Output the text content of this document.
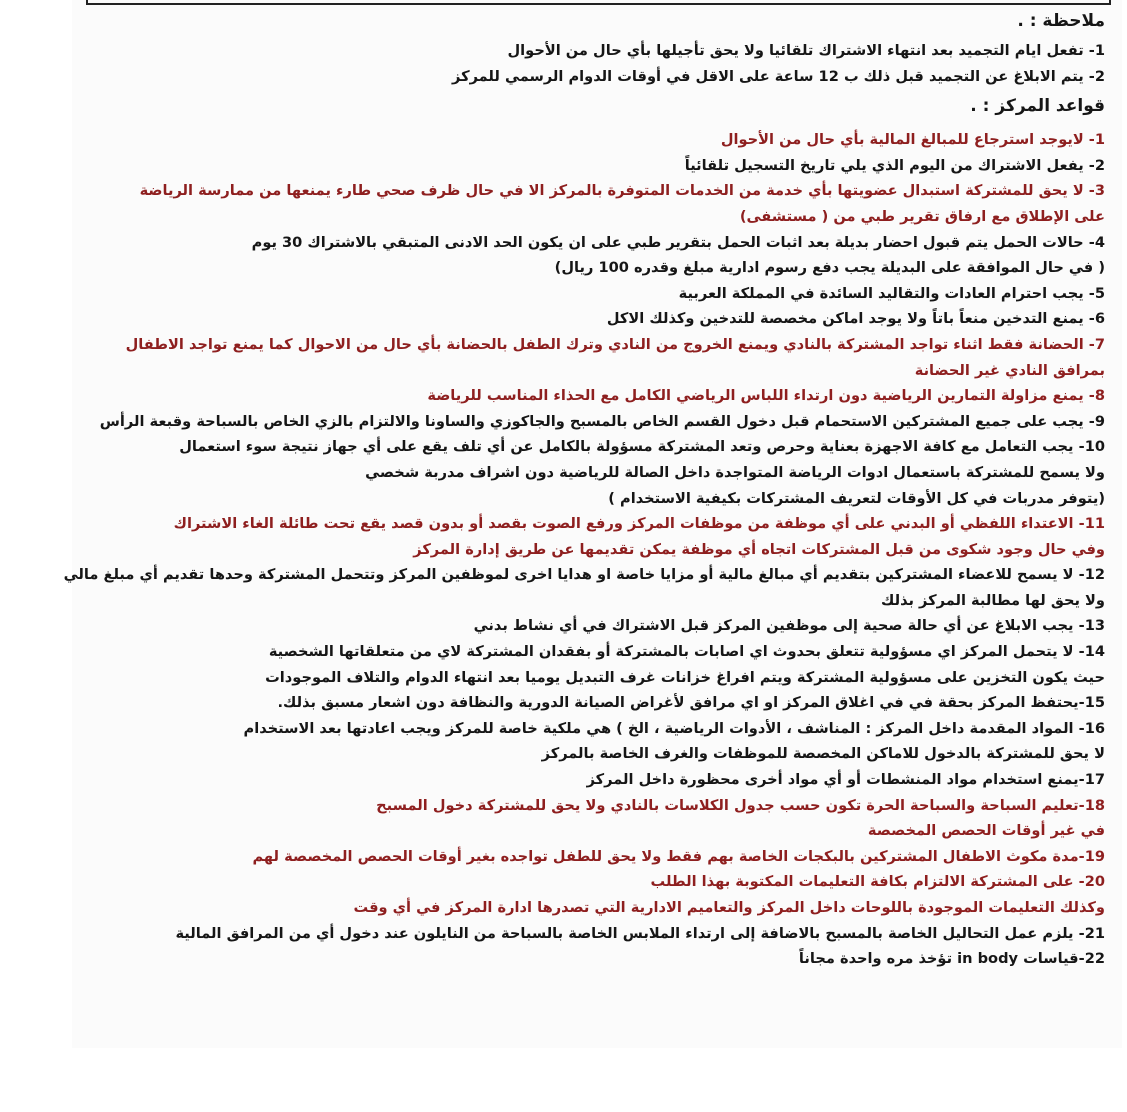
ملاحظة : .
1- تفعل ايام التجميد بعد انتهاء الاشتراك تلقائيا ولا يحق تأجيلها بأي حال من الأحوال
2- يتم الابلاغ عن التجميد قبل ذلك ب 12 ساعة على الاقل في أوقات الدوام الرسمي للمركز
قواعد المركز : .
1- لايوجد استرجاع للمبالغ المالية بأي حال من الأحوال
2- يفعل الاشتراك من اليوم الذي يلي تاريخ التسجيل تلقائياً
3- لا يحق للمشتركة استبدال عضويتها بأي خدمة من الخدمات المتوفرة بالمركز الا في حال ظرف صحي طارء يمنعها من ممارسة الرياضة
على الإطلاق مع ارفاق تقرير طبي من ( مستشفى)
4- حالات الحمل يتم قبول احضار بديلة بعد اثبات الحمل بتقرير طبي على ان يكون الحد الادنى المتبقي بالاشتراك 30 يوم
( في حال الموافقة على البديلة يجب دفع رسوم ادارية مبلغ وقدره 100 ريال)
5- يجب احترام العادات والتقاليد السائدة في المملكة العربية
6- يمنع التدخين منعاً باتاً ولا يوجد اماكن مخصصة للتدخين وكذلك الاكل
7- الحضانة فقط اثناء تواجد المشتركة بالنادي ويمنع الخروج من النادي وترك الطفل بالحضانة بأي حال من الاحوال كما يمنع تواجد الاطفال
بمرافق النادي غير الحضانة
8- يمنع مزاولة التمارين الرياضية دون ارتداء اللباس الرياضي الكامل مع الحذاء المناسب للرياضة
9- يجب على جميع المشتركين الاستحمام قبل دخول القسم الخاص بالمسبح والجاكوزي والساونا والالتزام بالزي الخاص بالسباحة وقبعة الرأس
10- يجب التعامل مع كافة الاجهزة بعناية وحرص وتعد المشتركة مسؤولة بالكامل عن أي تلف يقع على أي جهاز نتيجة سوء استعمال
ولا يسمح للمشتركة باستعمال ادوات الرياضة المتواجدة داخل الصالة للرياضية دون اشراف مدربة شخصي
(يتوفر مدربات في كل الأوقات لتعريف المشتركات بكيفية الاستخدام )
11- الاعتداء اللفظي أو البدني على أي موظفة من موظفات المركز ورفع الصوت بقصد أو بدون قصد يقع تحت طائلة الغاء الاشتراك
وفي حال وجود شكوى من قبل المشتركات اتجاه أي موظفة يمكن تقديمها عن طريق إدارة المركز
12- لا يسمح للاعضاء المشتركين بتقديم أي مبالغ مالية أو مزايا خاصة او هدايا اخرى لموظفين المركز وتتحمل المشتركة وحدها تقديم أي مبلغ مالي
ولا يحق لها مطالبة المركز بذلك
13- يجب الابلاغ عن أي حالة صحية إلى موظفين المركز قبل الاشتراك في أي نشاط بدني
14- لا يتحمل المركز اي مسؤولية تتعلق بحدوث اي اصابات بالمشتركة أو بفقدان المشتركة لاي من متعلقاتها الشخصية
حيث يكون التخزين على مسؤولية المشتركة ويتم افراغ خزانات غرف التبديل يوميا بعد انتهاء الدوام والتلاف الموجودات
15-يحتفظ المركز بحقة في في اغلاق المركز او اي مرافق لأغراض الصيانة الدورية والنظافة دون اشعار مسبق بذلك.
16- المواد المقدمة داخل المركز : المناشف ، الأدوات الرياضية ، الخ ) هي ملكية خاصة للمركز ويجب اعادتها بعد الاستخدام
لا يحق للمشتركة بالدخول للاماكن المخصصة للموظفات والغرف الخاصة بالمركز
17-يمنع استخدام مواد المنشطات أو أي مواد أخرى محظورة داخل المركز
18-تعليم السباحة والسباحة الحرة تكون حسب جدول الكلاسات بالنادي ولا يحق للمشتركة دخول المسبح
في غير أوقات الحصص المخصصة
19-مدة مكوث الاطفال المشتركين بالبكجات الخاصة بهم فقط ولا يحق للطفل تواجده بغير أوقات الحصص المخصصة لهم
20- على المشتركة الالتزام بكافة التعليمات المكتوبة بهذا الطلب
وكذلك التعليمات الموجودة باللوحات داخل المركز والتعاميم الادارية التي تصدرها ادارة المركز في أي وقت
21- يلزم عمل التحاليل الخاصة بالمسبح بالاضافة إلى ارتداء الملابس الخاصة بالسباحة من النايلون عند دخول أي من المرافق المالية
22-قياسات in body تؤخذ مره واحدة مجاناً
